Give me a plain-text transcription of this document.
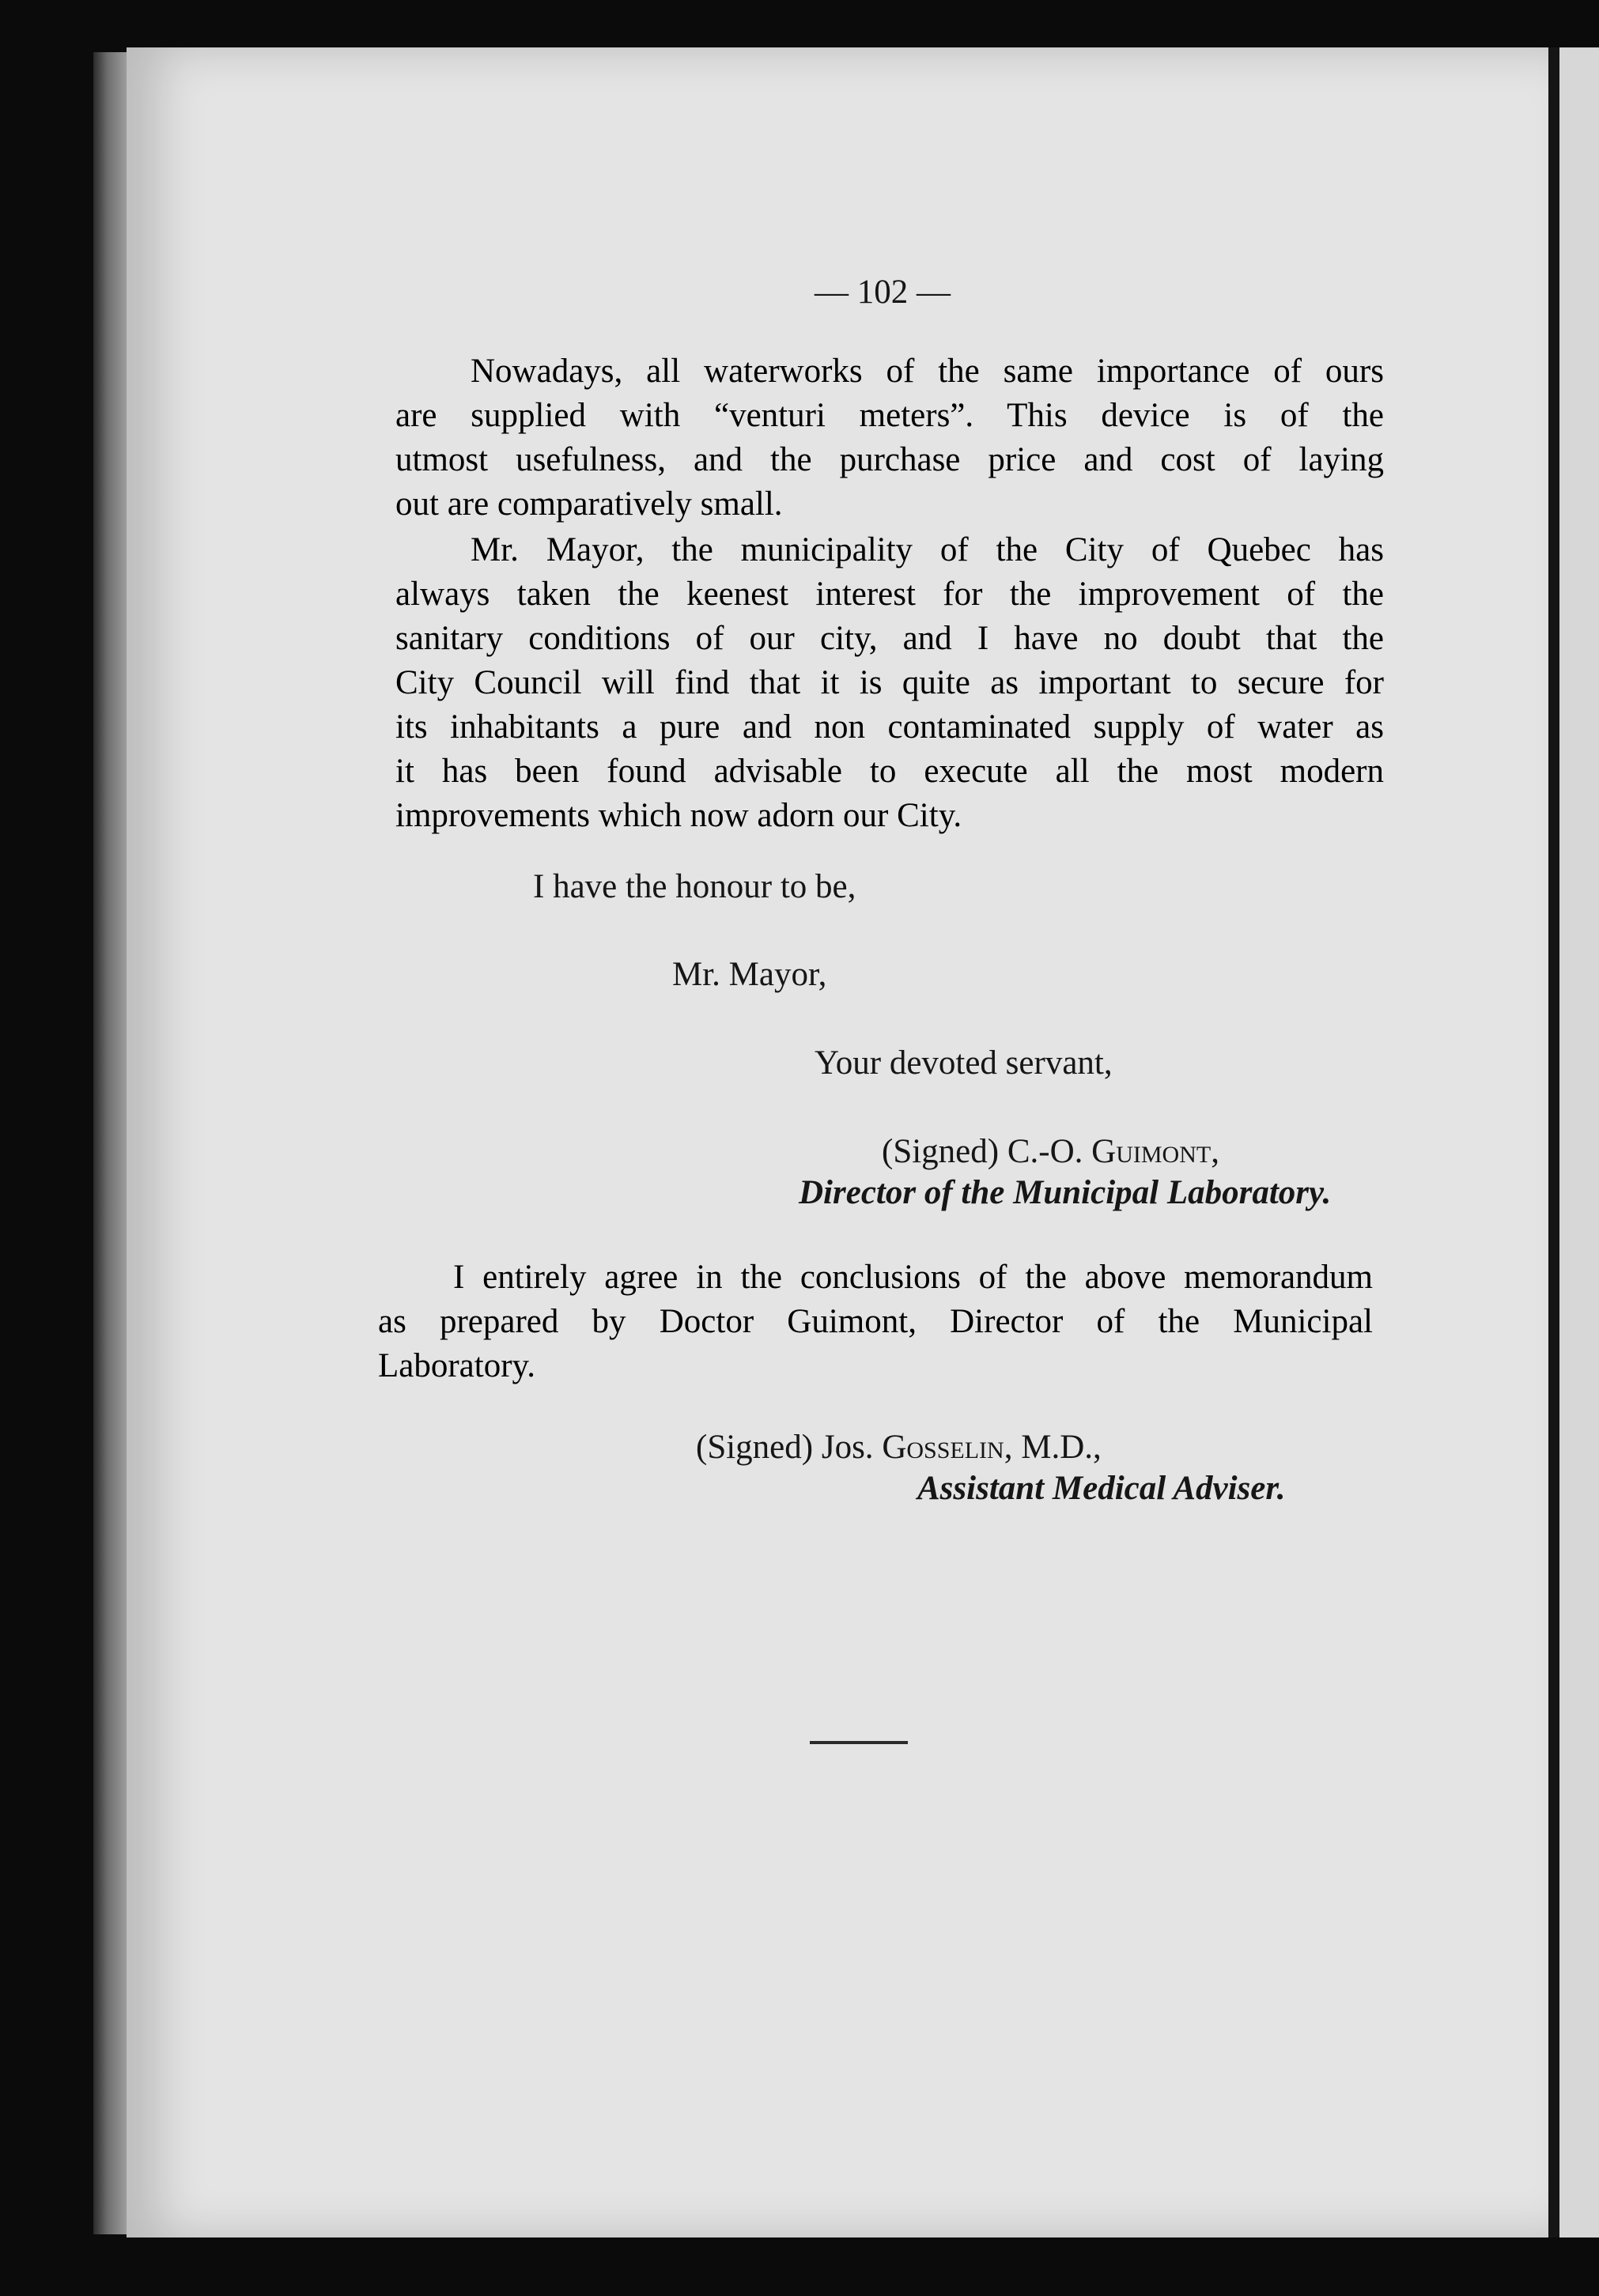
— 102 —

Nowadays, all waterworks of the same importance of ours
are supplied with “venturi meters”. This device is of the
utmost usefulness, and the purchase price and cost of laying
out are comparatively small.

Mr. Mayor, the municipality of the City of Quebec has
always taken the keenest interest for the improvement of the
sanitary conditions of our city, and I have no doubt that the
City Council will find that it is quite as important to secure for
its inhabitants a pure and non contaminated supply of water as
it has been found advisable to execute all the most modern
improvements which now adorn our City.

I have the honour to be,
Mr. Mayor,
Your devoted servant,
(Signed) C.-O. Guimont,
Director of the Municipal Laboratory.

I entirely agree in the conclusions of the above memorandum
as prepared by Doctor Guimont, Director of the Municipal
Laboratory.

(Signed) Jos. Gosselin, M.D.,
Assistant Medical Adviser.
